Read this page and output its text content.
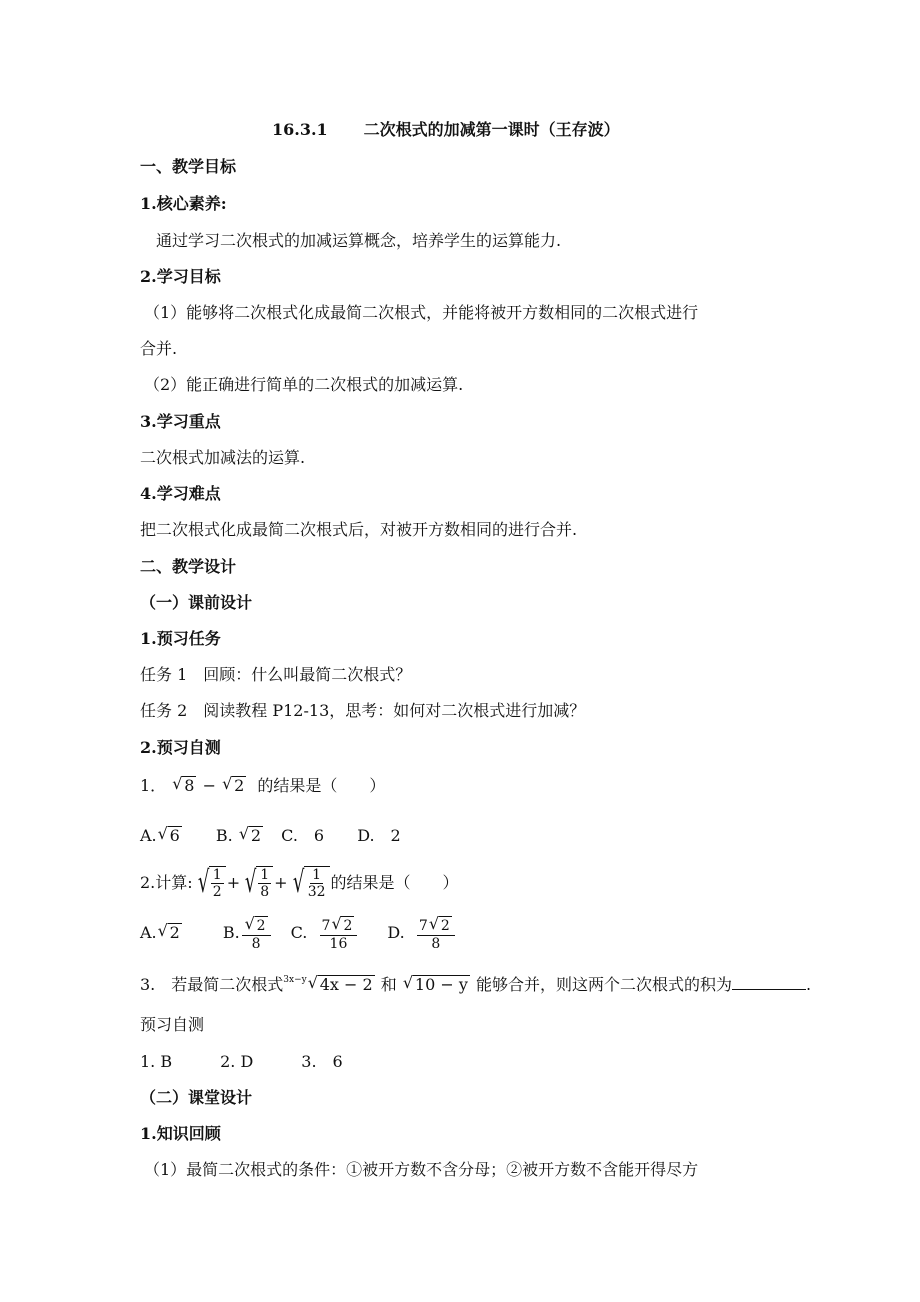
16.3.1 二次根式的加减第一课时（王存波）
一、教学目标
1.核心素养:
通过学习二次根式的加减运算概念，培养学生的运算能力.
2.学习目标
（1）能够将二次根式化成最简二次根式，并能将被开方数相同的二次根式进行
合并.
（2）能正确进行简单的二次根式的加减运算.
3.学习重点
二次根式加减法的运算.
4.学习难点
把二次根式化成最简二次根式后，对被开方数相同的进行合并.
二、教学设计
（一）课前设计
1.预习任务
任务 1　回顾：什么叫最简二次根式？
任务 2　阅读教程 P12-13，思考：如何对二次根式进行加减？
2.预习自测
1． √ 8 − √ 2 的结果是（　　）
A. √ 6 B. √ 2 C.　6 D.　2
2.计算: √ $\frac{1}{2}$ + √ $\frac{1}{8}$ + √ $\frac{1}{32}$ 的结果是（　　）
A. √ 2	B. $\frac{√ 2}{8} C$.
$\frac{7 √ 2}{16} D$.
$\frac{7 √ 2}{8}$
3.　若最简二次根式$^{3x-y}$ √ 4x − 2 和 √ 10 − y 能够合并，则这两个二次根式的积为	.
预习自测
1. B　　　2. D　　　3.　6
（二）课堂设计
1.知识回顾
（1）最简二次根式的条件：①被开方数不含分母；②被开方数不含能开得尽方
